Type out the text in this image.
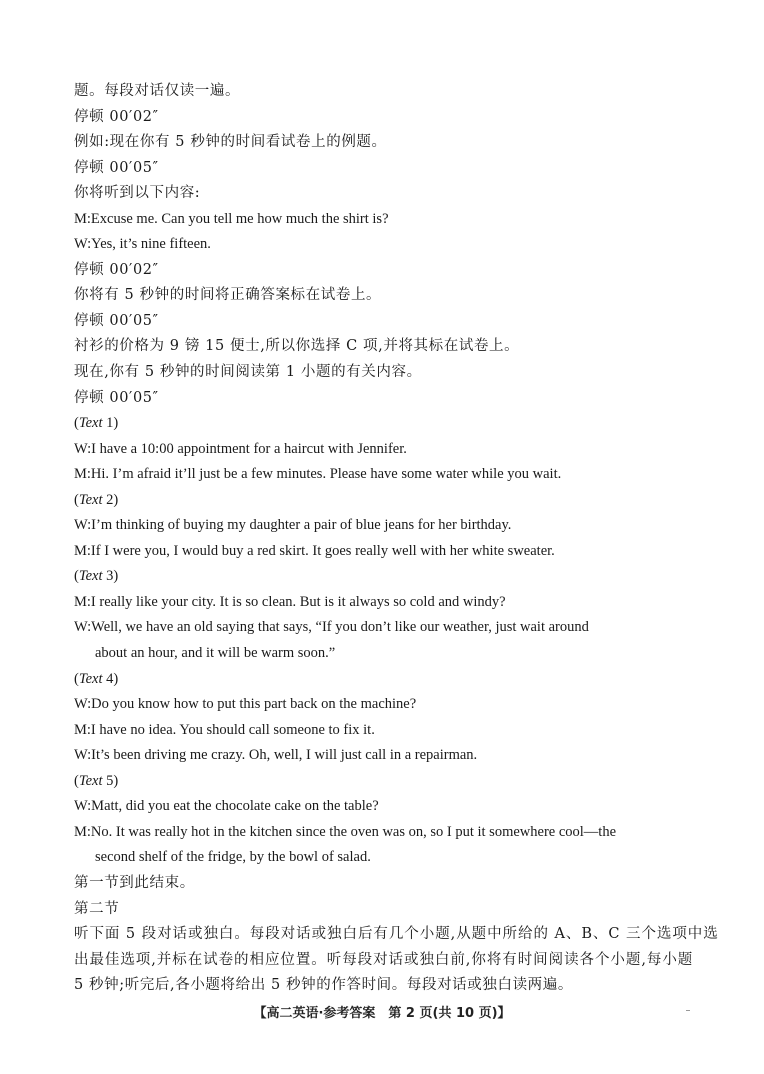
题。每段对话仅读一遍。
停顿 00′02″
例如:现在你有 5 秒钟的时间看试卷上的例题。
停顿 00′05″
你将听到以下内容:
M:Excuse me. Can you tell me how much the shirt is?
W:Yes, it’s nine fifteen.
停顿 00′02″
你将有 5 秒钟的时间将正确答案标在试卷上。
停顿 00′05″
衬衫的价格为 9 镑 15 便士,所以你选择 C 项,并将其标在试卷上。
现在,你有 5 秒钟的时间阅读第 1 小题的有关内容。
停顿 00′05″
(Text 1)
W:I have a 10:00 appointment for a haircut with Jennifer.
M:Hi. I’m afraid it’ll just be a few minutes. Please have some water while you wait.
(Text 2)
W:I’m thinking of buying my daughter a pair of blue jeans for her birthday.
M:If I were you, I would buy a red skirt. It goes really well with her white sweater.
(Text 3)
M:I really like your city. It is so clean. But is it always so cold and windy?
W:Well, we have an old saying that says, “If you don’t like our weather, just wait around
about an hour, and it will be warm soon.”
(Text 4)
W:Do you know how to put this part back on the machine?
M:I have no idea. You should call someone to fix it.
W:It’s been driving me crazy. Oh, well, I will just call in a repairman.
(Text 5)
W:Matt, did you eat the chocolate cake on the table?
M:No. It was really hot in the kitchen since the oven was on, so I put it somewhere cool—the
second shelf of the fridge, by the bowl of salad.
第一节到此结束。
第二节
听下面 5 段对话或独白。每段对话或独白后有几个小题,从题中所给的 A、B、C 三个选项中选
出最佳选项,并标在试卷的相应位置。听每段对话或独白前,你将有时间阅读各个小题,每小题
5 秒钟;听完后,各小题将给出 5 秒钟的作答时间。每段对话或独白读两遍。
【高二英语·参考答案　第 2 页(共 10 页)】
